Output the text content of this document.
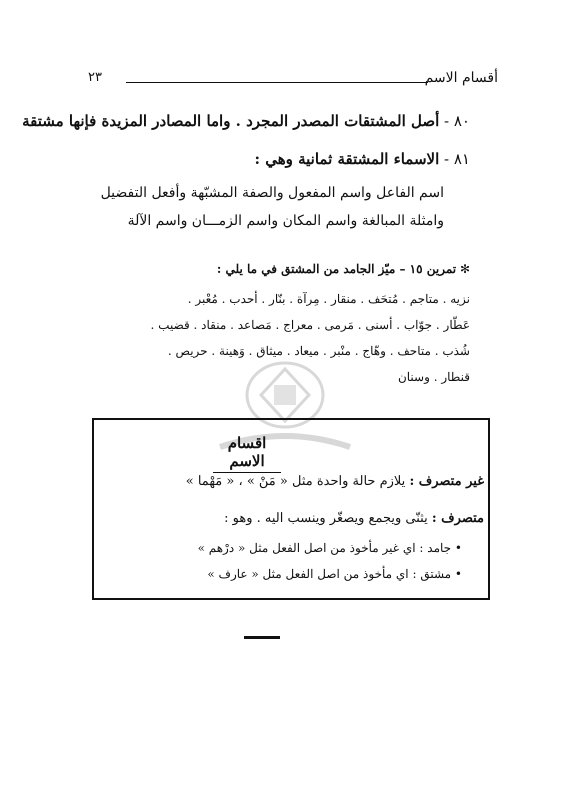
أقسام الاسم
٢٣
٨٠ - أصل المشتقات المصدر المجرد . واما المصادر المزيدة فإنها مشتقة
٨١ - الاسماء المشتقة ثمانية وهي :
اسم الفاعل واسم المفعول والصفة المشبّهة وأفعل التفضيل
وامثلة المبالغة واسم المكان واسم الزمـــان واسم الآلة
✻ تمرين ١٥ – ميّز الجامد من المشتق في ما يلي :
نزيه . متاجم . مُتحَف . منقار . مِرآة . بنّار . أحدب . مُعْبر .
عَطّار . جوّاب . أسنى . مَرمى . معراج . مَصاعد . منقاد . قضيب .
شُذب . متاحف . وهّاج . منْبر . ميعاد . ميثاق . وَهينة . حريص .
قنطار . وسنان
اقسام الاسم
غير متصرف : يلازم حالة واحدة مثل « مَنْ » ، « مَهْما »
متصرف : يثنّى ويجمع ويصغّر وينسب اليه . وهو :
• جامد : اي غير مأخوذ من اصل الفعل مثل « درْهم »
• مشتق : اي مأخوذ من اصل الفعل مثل « عارف »
